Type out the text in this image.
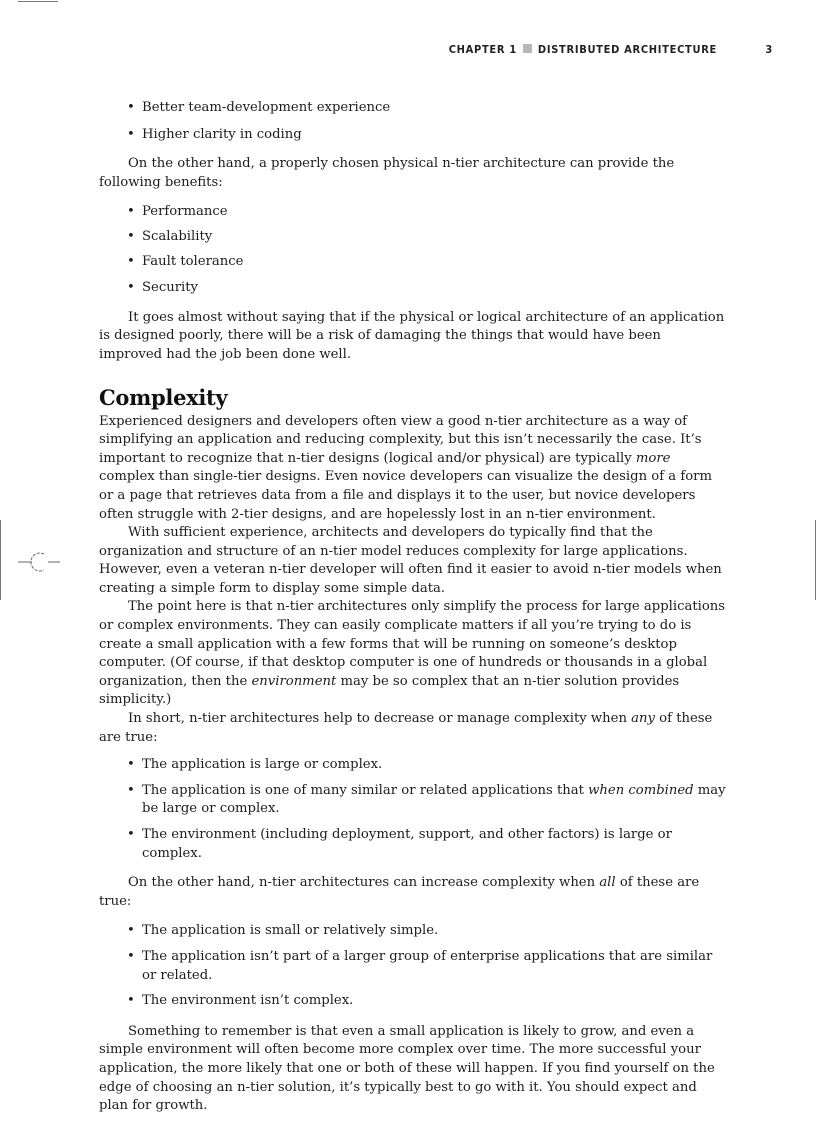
CHAPTER 1 DISTRIBUTED ARCHITECTURE	3
• Better team-development experience
• Higher clarity in coding

On the other hand, a properly chosen physical n-tier architecture can provide the following benefits:

• Performance
• Scalability
• Fault tolerance
• Security

It goes almost without saying that if the physical or logical architecture of an application is designed poorly, there will be a risk of damaging the things that would have been improved had the job been done well.

Complexity

Experienced designers and developers often view a good n-tier architecture as a way of simplifying an application and reducing complexity, but this isn’t necessarily the case. It’s important to recognize that n-tier designs (logical and/or physical) are typically more complex than single-tier designs. Even novice developers can visualize the design of a form or a page that retrieves data from a file and displays it to the user, but novice developers often struggle with 2-tier designs, and are hopelessly lost in an n-tier environment.

With sufficient experience, architects and developers do typically find that the organization and structure of an n-tier model reduces complexity for large applications. However, even a veteran n-tier developer will often find it easier to avoid n-tier models when creating a simple form to display some simple data.

The point here is that n-tier architectures only simplify the process for large applications or complex environments. They can easily complicate matters if all you’re trying to do is create a small application with a few forms that will be running on someone’s desktop computer. (Of course, if that desktop computer is one of hundreds or thousands in a global organization, then the environment may be so complex that an n-tier solution provides simplicity.)

In short, n-tier architectures help to decrease or manage complexity when any of these are true:

• The application is large or complex.
• The application is one of many similar or related applications that when combined may be large or complex.
• The environment (including deployment, support, and other factors) is large or complex.

On the other hand, n-tier architectures can increase complexity when all of these are true:

• The application is small or relatively simple.
• The application isn’t part of a larger group of enterprise applications that are similar or related.
• The environment isn’t complex.

Something to remember is that even a small application is likely to grow, and even a simple environment will often become more complex over time. The more successful your application, the more likely that one or both of these will happen. If you find yourself on the edge of choosing an n-tier solution, it’s typically best to go with it. You should expect and plan for growth.
